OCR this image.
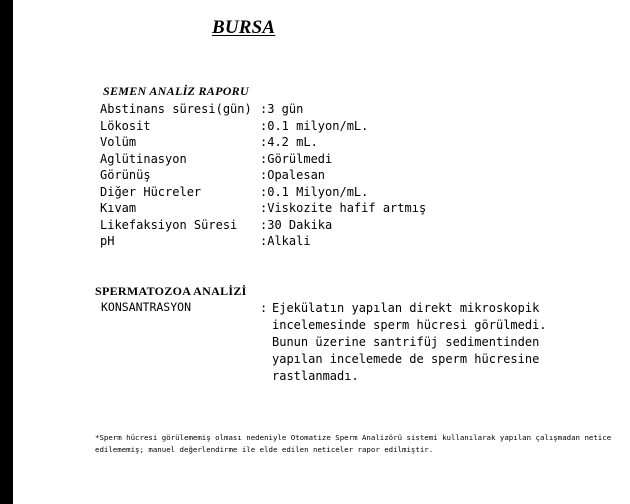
BURSA
SEMEN ANALİZ RAPORU
Abstinans süresi(gün) :3 gün
Lökosit	:0.1 milyon/mL.
Volüm	:4.2 mL.
Aglütinasyon	:Görülmedi
Görünüş	:Opalesan
Diğer Hücreler	:0.1 Milyon/mL.
Kıvam	:Viskozite hafif artmış
Likefaksiyon Süresi :30 Dakika
pH	:Alkali
SPERMATOZOA ANALİZİ
KONSANTRASYON	: Ejekülatın yapılan direkt mikroskopik
incelemesinde sperm hücresi görülmedi.
Bunun üzerine santrifüj sedimentinden
yapılan incelemede de sperm hücresine
rastlanmadı.
*Sperm hücresi görülememiş olması nedeniyle Otomatize Sperm Analizörü sistemi kullanılarak yapılan çalışmadan netice
edilememiş; manuel değerlendirme ile elde edilen neticeler rapor edilmiştir.
